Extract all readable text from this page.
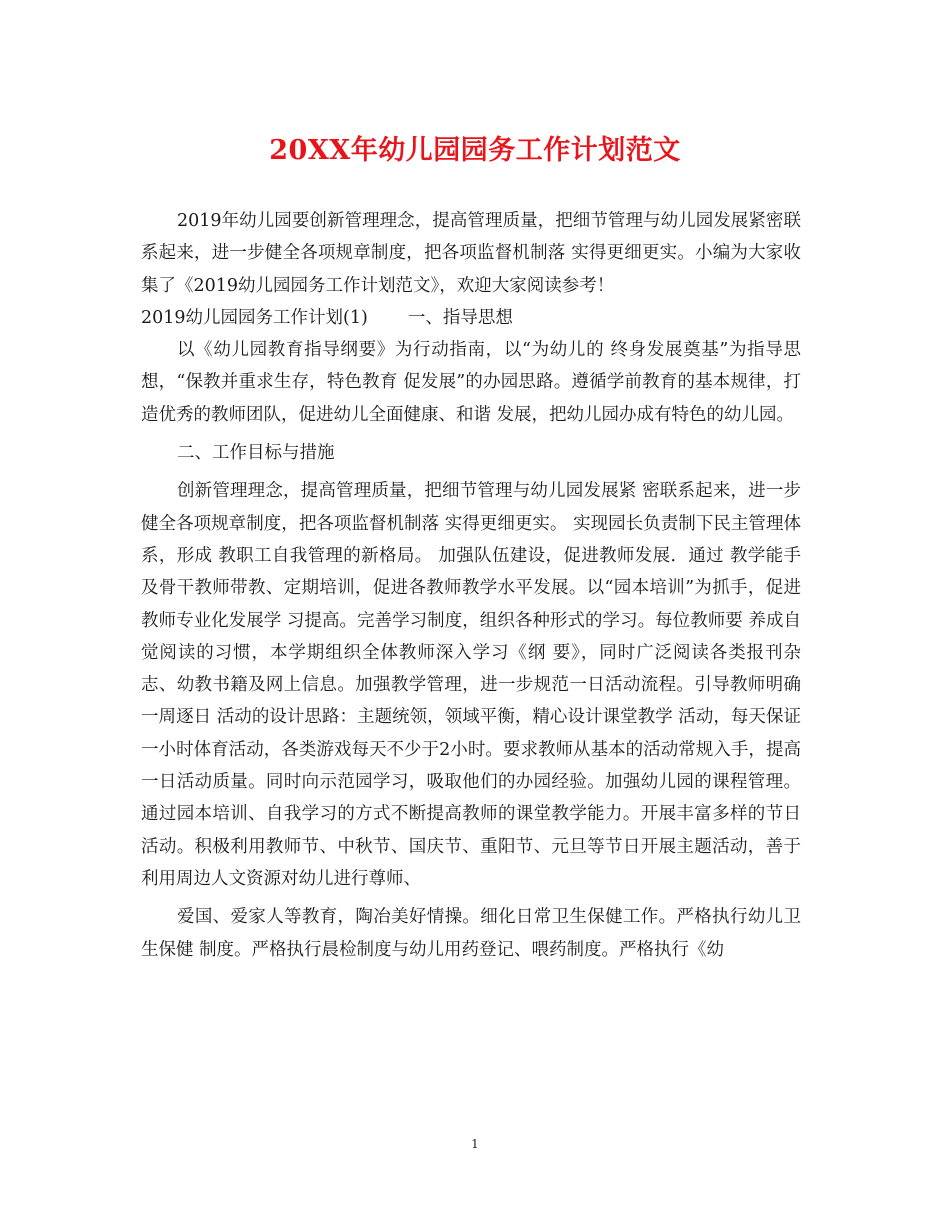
20XX年幼儿园园务工作计划范文

2019年幼儿园要创新管理理念，提高管理质量，把细节管理与幼儿园发展紧密联系起来，进一步健全各项规章制度，把各项监督机制落 实得更细更实。小编为大家收集了《2019幼儿园园务工作计划范文》，欢迎大家阅读参考！

2019幼儿园园务工作计划(1) 一、指导思想

以《幼儿园教育指导纲要》为行动指南，以“为幼儿的 终身发展奠基”为指导思想，“保教并重求生存，特色教育 促发展”的办园思路。遵循学前教育的基本规律，打造优秀的教师团队，促进幼儿全面健康、和谐 发展，把幼儿园办成有特色的幼儿园。

二、工作目标与措施

创新管理理念，提高管理质量，把细节管理与幼儿园发展紧 密联系起来，进一步健全各项规章制度，把各项监督机制落 实得更细更实。 实现园长负责制下民主管理体系，形成 教职工自我管理的新格局。 加强队伍建设，促进教师发展．通过 教学能手及骨干教师带教、定期培训，促进各教师教学水平发展。以“园本培训”为抓手，促进教师专业化发展学 习提高。完善学习制度，组织各种形式的学习。每位教师要 养成自觉阅读的习惯，本学期组织全体教师深入学习《纲 要》，同时广泛阅读各类报刊杂志、幼教书籍及网上信息。加强教学管理，进一步规范一日活动流程。引导教师明确一周逐日 活动的设计思路：主题统领，领域平衡，精心设计课堂教学 活动，每天保证一小时体育活动，各类游戏每天不少于2小时。要求教师从基本的活动常规入手，提高一日活动质量。同时向示范园学习，吸取他们的办园经验。加强幼儿园的课程管理。通过园本培训、自我学习的方式不断提高教师的课堂教学能力。开展丰富多样的节日活动。积极利用教师节、中秋节、国庆节、重阳节、元旦等节日开展主题活动，善于利用周边人文资源对幼儿进行尊师、

爱国、爱家人等教育，陶冶美好情操。细化日常卫生保健工作。严格执行幼儿卫生保健 制度。严格执行晨检制度与幼儿用药登记、喂药制度。严格执行《幼

1
